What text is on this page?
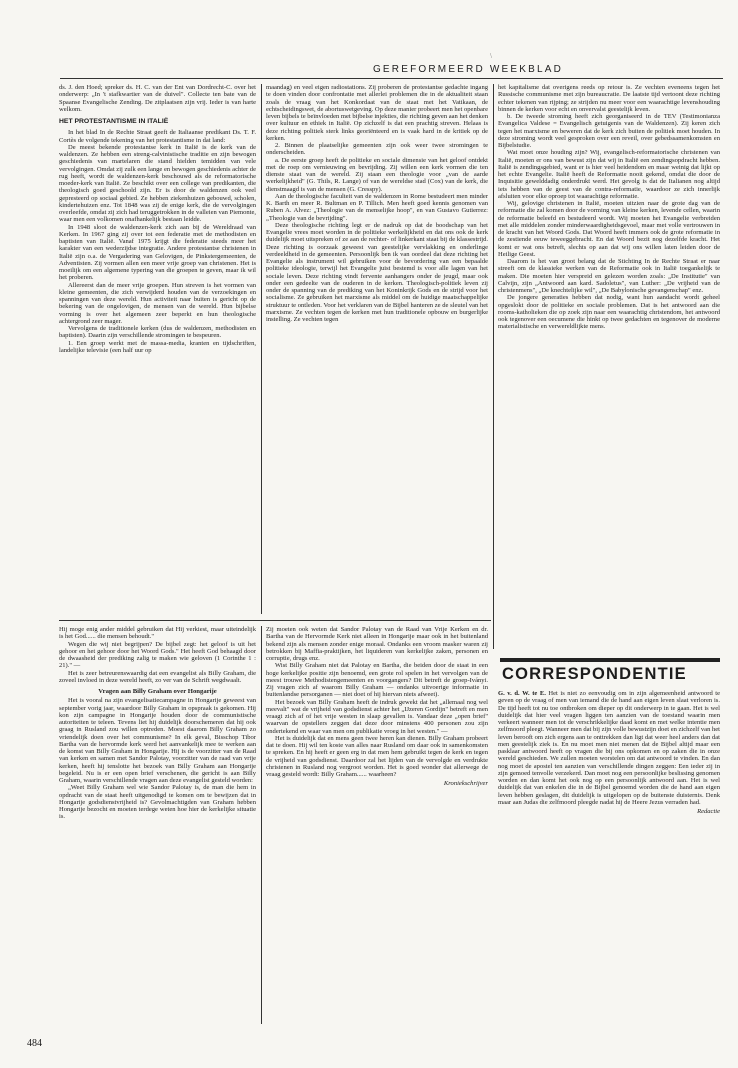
\
GEREFORMEERD WEEKBLAD

ds. J. den Hoed; spreker ds. H. C. van der Ent van Dordrecht-C. over het onderwerp: „In 't stafkwartier van de duivel". Collecte ten bate van de Spaanse Evangelische Zending. De zitplaatsen zijn vrij. Ieder is van harte welkom.

HET PROTESTANTISME IN ITALIË

In het blad In de Rechte Straat geeft de Italiaanse predikant Ds. T. F. Cortès de volgende tekening van het protestantisme in dat land:

De meest bekende protestantse kerk in Italië is de kerk van de waldenzen. Ze hebben een streng-calvinistische traditie en zijn bewogen geschiedenis van martelaren die stand hielden temidden van vele vervolgingen. Omdat zij zulk een lange en bewogen geschiedenis achter de rug heeft, wordt de waldenzen-kerk beschouwd als de reformatorische moeder-kerk van Italië. Ze beschikt over een college van predikanten, die theologisch goed geschoold zijn. Er is door de waldenzen ook veel gepresteerd op sociaal gebied. Ze hebben ziekenhuizen gebouwd, scholen, kindertehuizen enz. Tot 1848 was zij de enige kerk, die de vervolgingen overleefde, omdat zij zich had teruggetrokken in de valleien van Piemonte, waar men een volkomen onafhankelijk bestaan leidde.

In 1948 sloot de waldenzen-kerk zich aan bij de Wereldraad van Kerken. In 1967 ging zij over tot een federatie met de methodisten en baptisten van Italië. Vanaf 1975 krijgt die federatie steeds meer het karakter van een wederzijdse integratie. Andere protestantse christenen in Italië zijn o.a. de Vergadering van Gelovigen, de Pinkstergemeenten, de Adventisten. Zij vormen allen een meer vrije groep van christenen. Het is moeilijk om een algemene typering van die groepen te geven, maar ik wil het proberen.

Allereerst dan de meer vrije groepen. Hun streven is het vormen van kleine gemeenten, die zich verwijderd houden van de verzoekingen en spanningen van deze wereld. Hun activiteit naar buiten is gericht op de bekering van de ongelovigen, de mensen van de wereld. Hun bijbelse vorming is over het algemeen zeer beperkt en hun theologische achtergrond zeer mager.

Vervolgens de traditionele kerken (dus de waldenzen, methodisten en baptisten). Daarin zijn verschillende stromingen te bespeuren.

1. Een groep werkt met de massa-media, kranten en tijdschriften, landelijke televisie (een half uur op

maandag) en veel eigen radiostations. Zij proberen de protestantse gedachte ingang te doen vinden door confrontatie met allerlei problemen die in de aktualiteit staan zoals de vraag van het Konkordaat van de staat met het Vatikaan, de echtscheidingswet, de abortuswetgeving. Op deze manier probeert men het openbare leven bijbels te beïnvloeden met bijbelse injekties, die richting geven aan het denken over kultuur en ethiek in Italië. Op zichzelf is dat een prachtig streven. Helaas is deze richting politiek sterk links georiënteerd en is vaak hard in de kritiek op de kerken.

2. Binnen de plaatselijke gemeenten zijn ook weer twee stromingen te onderscheiden.

a. De eerste groep heeft de politieke en sociale dimensie van het geloof ontdekt met de roep om vernieuwing en bevrijding. Zij willen een kerk vormen die ten dienste staat van de wereld. Zij staan een theologie voor „van de aarde werkelijkheid" (G. Thils, R. Lange) of van de wereldse stad (Cox) van de kerk, die dienstmaagd is van de mensen (G. Cresspy).

Aan de theologische faculteit van de waldenzen in Rome bestudeert men minder K. Barth en meer R. Bultman en P. Tillich. Men heeft goed kennis genomen van Ruben A. Alvez: „Theologie van de menselijke hoop", en van Gustavo Gutierrez: „Theologie van de bevrijding".

Deze theologische richting legt er de nadruk op dat de boodschap van het Evangelie vrees moet worden in de politieke werkelijkheid en dat ons ook de kerk duidelijk moet uitspreken of ze aan de rechter- of linkerkant staat bij de klassestrijd. Deze richting is oorzaak geweest van geestelijke vervlakking en onderlinge verdeeldheid in de gemeenten. Persoonlijk ben ik van oordeel dat deze richting het Evangelie als instrument wil gebruiken voor de bevordering van een bepaalde politieke ideologie, terwijl het Evangelie juist bestemd is voor alle lagen van het sociale leven. Deze richting vindt ferventе aanhangers onder de jeugd, maar ook onder een gedeelte van de ouderen in de kerken. Theologisch-politiek leven zij onder de spanning van de prediking van het Koninkrijk Gods en de strijd voor het socialisme. Ze gebruiken het marxisme als middel om de huidige maatschappelijke struktuur te ontleden. Voor het verklaren van de Bijbel hanteren ze de sleutel van het marxisme. Ze vechten tegen de kerken met hun traditionele opbouw en burgerlijke instelling. Ze vechten tegen

het kapitalisme dat overigens reeds op retour is. Ze vechten eveneens tegen het Russische communisme met zijn bureaucratie. De laatste tijd vertoont deze richting echter tekenen van rijping; ze strijden nu meer voor een waarachtige levenshouding binnen de kerken voor echt en onvervalst geestelijk leven.

b. De tweede stroming heeft zich georganiseerd in de TEV (Testimonianza Evangelica Valdese = Evangelisch getuigenis van de Waldenzen). Zij keren zich tegen het marxisme en beweren dat de kerk zich buiten de politiek moet houden. In deze stroming wordt veel gesproken over een reveil, over gebedssamenkomsten en Bijbelstudie.

Wat moet onze houding zijn? Wij, evangelisch-reformatorische christenen van Italië, moeten er ons van bewust zijn dat wij in Italië een zendingsopdracht hebben. Italië is zendingsgebied, want er is hier veel heidendom en maar weinig dat lijkt op het echte Evangelie. Italië heeft de Reformatie nooit gekend, omdat die door de Inquisitie gewelddadig onderdrukt werd. Het gevolg is dat de Italianen nog altijd iets hebben van de geest van de contra-reformatie, waardoor ze zich innerlijk afsluiten voor elke oproep tot waarachtige reformatie.

Wij, gelovige christenen in Italië, moeten uitzien naar de grote dag van de reformatie die zal komen door de vorming van kleine kerken, levende cellen, waarin de reformatie beleefd en bestudeerd wordt. Wij moeten het Evangelie verbreiden met alle middelen zonder minderwaardigheidsgevoel, maar met volle vertrouwen in de kracht van het Woord Gods. Dat Woord heeft immers ook de grote reformatie in de zestiende eeuw teweeggebracht. En dat Woord bezit nog dezelfde kracht. Het komt er wat ons betreft, slechts op aan dat wij ons willen laten leiden door de Heilige Geest.

Daarom is het van groot belang dat de Stichting In de Rechte Straat er naar streeft om de klassieke werken van de Reformatie ook in Italië toegankelijk te maken. Die moeten hier verspreid en gelezen worden zoals: „De Institutie" van Calvijn, zijn „Antwoord aan kard. Sadoletus", van Luther: „De vrijheid van de christenmens", „De knechtelijke wil", „De Babylonische gevangenschap" enz.

De jongere generaties hebben dat nodig, want hun aandacht wordt geheel opgeslokt door de politieke en sociale problemen. Dat is het antwoord aan die rooms-katholieken die op zoek zijn naar een waarachtig christendom, het antwoord ook tegenover een oecumene die hinkt op twee gedachten en tegenover de moderne materialistische en verwereldlijkte mens.

Hij moge enig ander middel gebruiken dat Hij verkiest, maar uiteindelijk is het God...... die mensen behoudt."

Wegen die wij niet begrijpen? De bijbel zegt: het geloof is uit het gehoor en het gehoor door het Woord Gods." Het heeft God behaagd door de dwaasheid der prediking zalig te maken wie geloven (1 Corinthe 1 : 21)." —

Het is zeer betreurenswaardig dat een evangelist als Billy Graham, die zoveel invloed in deze wereld heeft, zo ver van de Schrift wegdwaalt.

Vragen aan Billy Graham over Hongarije

Het is vooral na zijn evangelisatiecampagne in Hongarije geweest van september vorig jaar, waardoor Billy Graham in opspraak is gekomen. Hij kon zijn campagne in Hongarije houden door de communistische autoriteiten te teleen. Tevens liet hij duidelijk doorschemeren dat hij ook graag in Rusland zou willen optreden. Moest daarom Billy Graham zo vriendelijk doen over het communisme? In elk geval, Bisschop Tibor Bartha van de hervormde kerk werd het aanvankelijk mee te werken aan de komst van Billy Graham in Hongarije. Hij is de voorzitter van de Raad van kerken en samen met Sandor Palotay, voorzitter van de raad van vrije kerken, heeft hij tenslotte het bezoek van Billy Graham aan Hongarije begeleid. Nu is er een open brief verschenen, die gericht is aan Billy Graham, waarin verschillende vragen aan deze evangelist gesteld worden:

„Weet Billy Graham wel wie Sandor Palotay is, de man die hem in opdracht van de staat heeft uitgenodigd te komen om te bewijzen dat in Hongarije godsdienstvrijheid is? Gevolmachtigden van Graham hebben Hongarije bezocht en moeten terdege weten hoe hier de kerkelijke situatie is.

Zij moeten ook weten dat Sandor Palotay van de Raad van Vrije Kerken en dr. Bartha van de Hervormde Kerk niet alleen in Hongarije maar ook in het buitenland bekend zijn als mensen zonder enige moraal. Ondanks een vroom masker waren zij betrokken bij Maffia-praktijken, het liquideren van kerkelijke zaken, personen en corruptie, drugs enz.

Wist Billy Graham niet dat Palotay en Bartha, die beiden door de staat in een hoge kerkelijke positie zijn benoemd, een grote rol spelen in het vervolgen van de meest trouwe Methodistengemeenten en voorgangers? Dit betreft de groep-Iványi. Zij vragen zich af waarom Billy Graham — ondanks uitvoerige informatie in buitenlandse persorganen — niet doet of hij hiervan niets afweet).

Het bezoek van Billy Graham heeft de indruk gewekt dat het „allemaal nog wel meevalt" wat de vrijheid van godsdienst achter het „IJzeren Gordijn" betreft en men vraagt zich af of het vrije westen in slaap gevallen is. Vandaar deze „open brief" waarvan de opstellers zeggen dat deze door minstens 400 personen zou zijn ondertekend en waar van men om publikatie vroeg in het westen." —

Het is duidelijk dat en mens geen twee heren kan dienen. Billy Graham probeert dat te doen. Hij wil ten koste van alles naar Rusland om daar ook in samenkomsten te spreken. En hij heeft er geen erg in dat men hem gebruikt tegen de kerk en tegen de vrijheid van godsdienst. Daardoor zal het lijden van de vervolgde en verdrukte christenen in Rusland nog vergroot worden. Het is goed wonder dat allerwege de vraag gesteld wordt: Billy Graham...... waarheen?

Kroniekschrijver

CORRESPONDENTIE

G. v. d. W. te E. Het is niet zo eenvoudig om in zijn algemeenheid antwoord te geven op de vraag of men van iemand die de hand aan eigen leven slaat verloren is. De tijd heeft tot nu toe ontbroken om dieper op dit onderwerp in te gaan. Het is wel duidelijk dat hier veel vragen liggen ten aanzien van de toestand waarin men verkeert wanneer men tot de verschrikkelijke daad komt en met welke intentie men zelfmoord pleegt. Wanneer men dat bij zijn volle bewustzijn doet en zichzelf van het leven berooft om zich ergens aan te onttrekken dan ligt dat weer heel anders dan dat men geestelijk ziek is. En nu moet men niet menen dat de Bijbel altijd maar een pasklaar antwoord heeft op vragen die bij ons opkomen en op zaken die in onze wereld geschieden. We zullen moeten worstelen om dat antwoord te vinden. En dan nog moet de apostel ten aanzien van verschillende dingen zeggen: Een ieder zij in zijn gemoed tenvolle verzekerd. Dan moet nog een persoonlijke beslissing genomen worden en dan komt het ook nog op een persoonlijk antwoord aan. Het is wel duidelijk dat van enkelen die in de Bijbel genoemd worden die de hand aan eigen leven hebben geslagen, dit duidelijk is uitgelopen op de buitenste duisternis. Denk maar aan Judas die zelfmoord pleegde nadat hij de Heere Jezus verraden had.

Redactie

484
